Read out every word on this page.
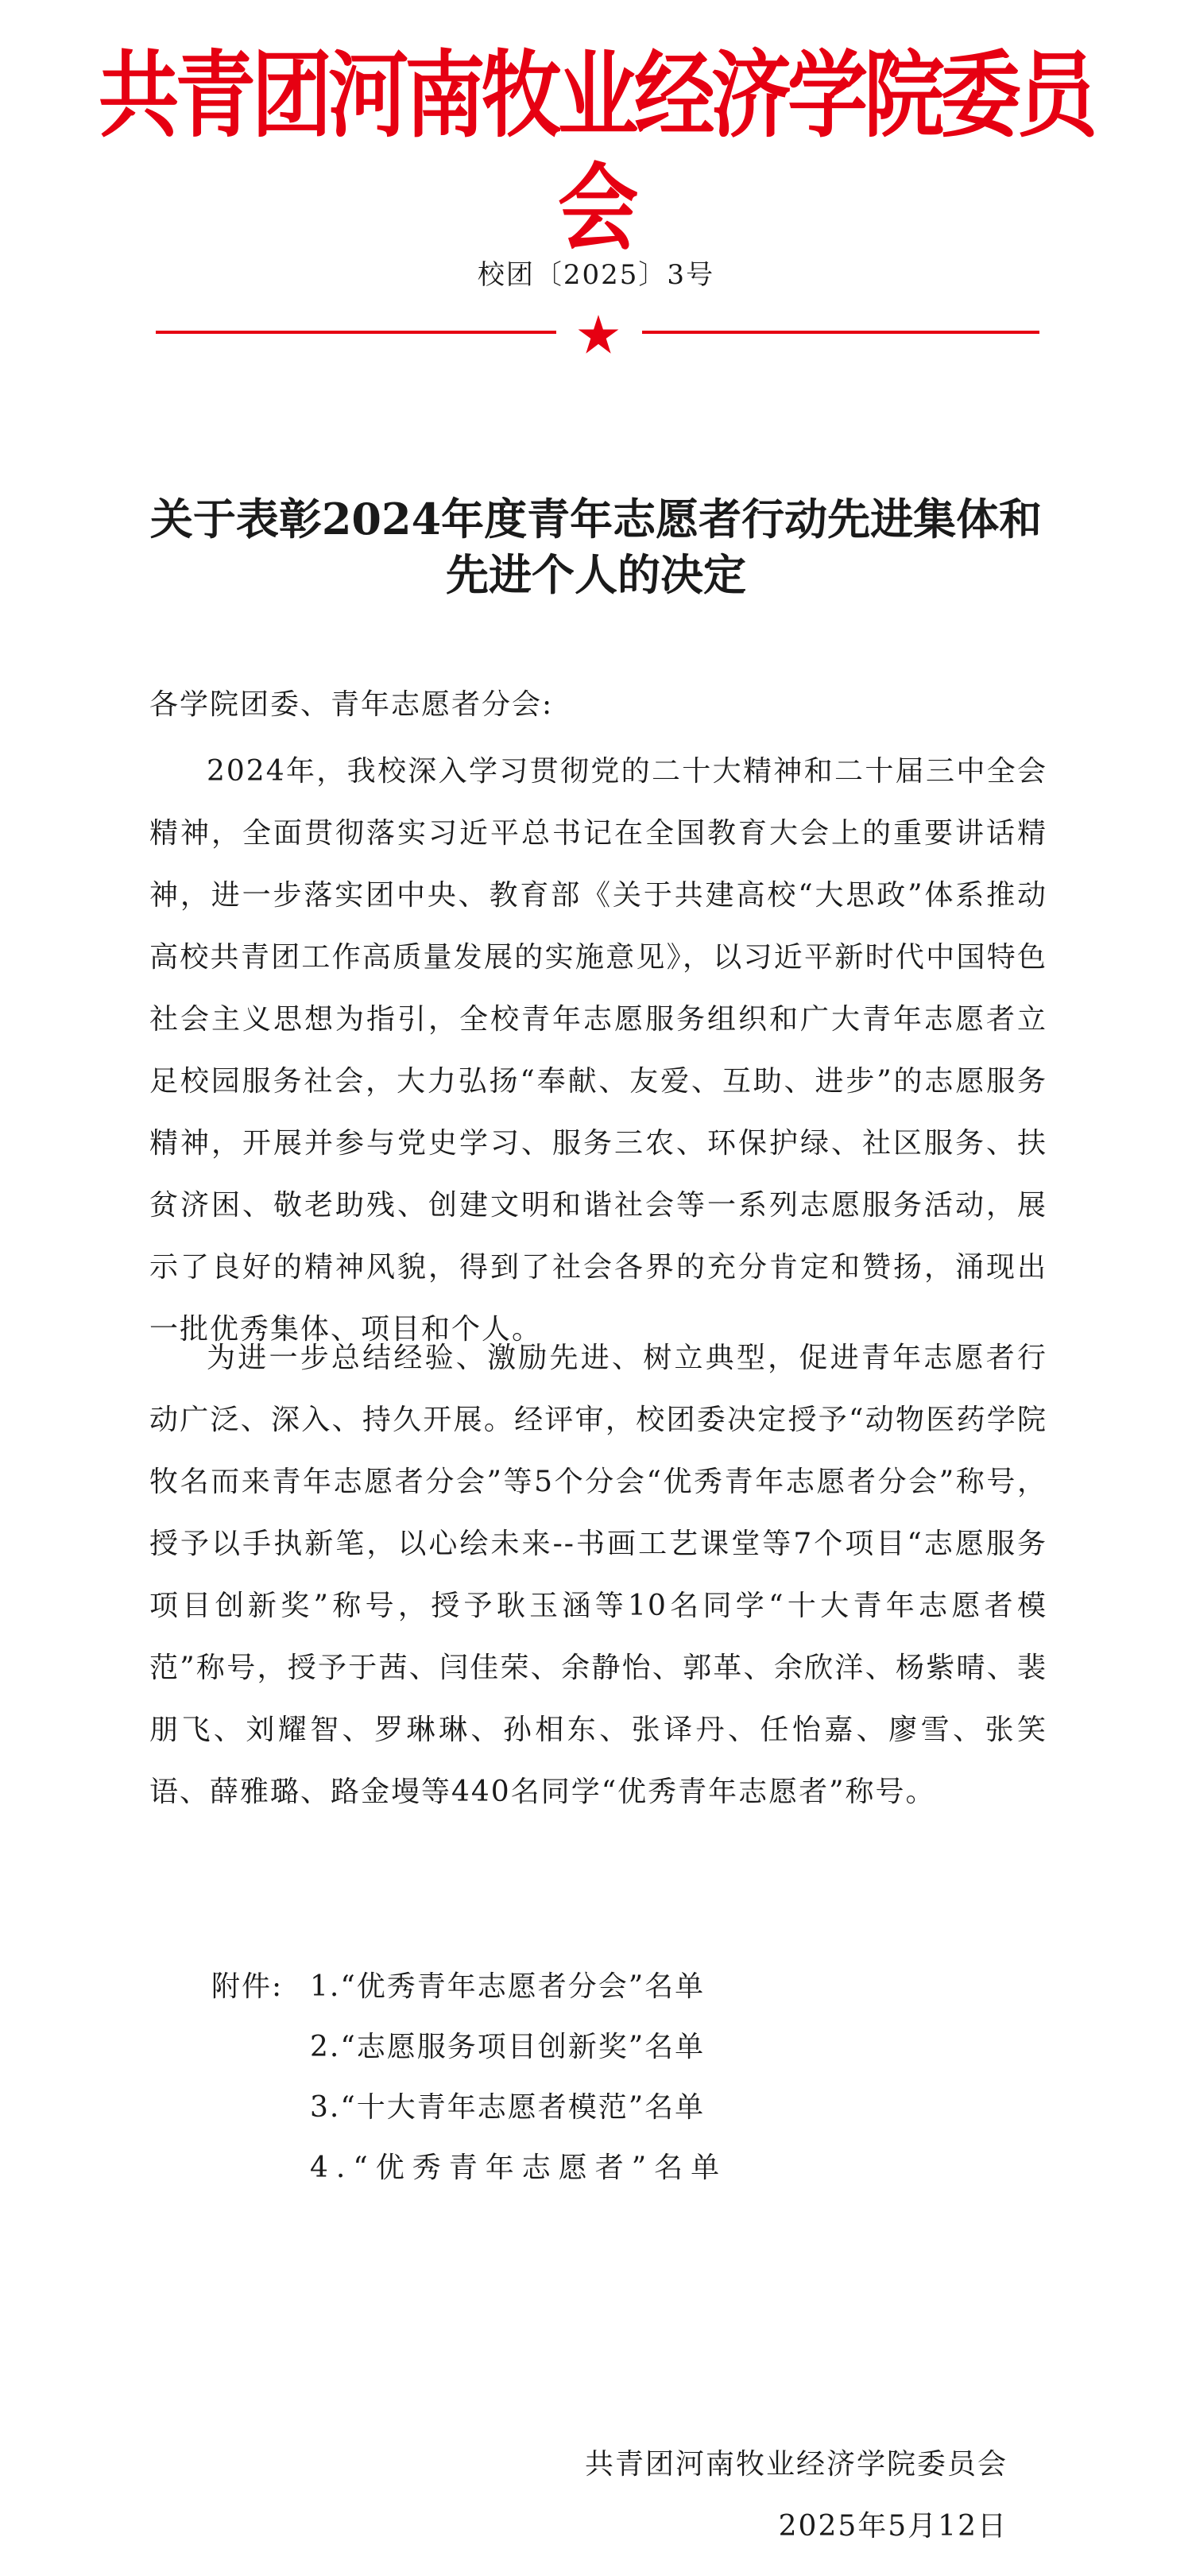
共青团河南牧业经济学院委员会
校团〔2025〕3号
关于表彰2024年度青年志愿者行动先进集体和
先进个人的决定
各学院团委、青年志愿者分会:

2024年，我校深入学习贯彻党的二十大精神和二十届三中全会精神，全面贯彻落实习近平总书记在全国教育大会上的重要讲话精神，进一步落实团中央、教育部《关于共建高校“大思政”体系推动高校共青团工作高质量发展的实施意见》，以习近平新时代中国特色社会主义思想为指引，全校青年志愿服务组织和广大青年志愿者立足校园服务社会，大力弘扬“奉献、友爱、互助、进步”的志愿服务精神，开展并参与党史学习、服务三农、环保护绿、社区服务、扶贫济困、敬老助残、创建文明和谐社会等一系列志愿服务活动，展示了良好的精神风貌，得到了社会各界的充分肯定和赞扬，涌现出一批优秀集体、项目和个人。

为进一步总结经验、激励先进、树立典型，促进青年志愿者行动广泛、深入、持久开展。经评审，校团委决定授予“动物医药学院牧名而来青年志愿者分会”等5个分会“优秀青年志愿者分会”称号，授予以手执新笔，以心绘未来--书画工艺课堂等7个项目“志愿服务项目创新奖”称号，授予耿玉涵等10名同学“十大青年志愿者模范”称号，授予于茜、闫佳荣、余静怡、郭革、余欣洋、杨紫晴、裴朋飞、刘耀智、罗琳琳、孙相东、张译丹、任怡嘉、廖雪、张笑语、薛雅璐、路金墁等440名同学“优秀青年志愿者”称号。

附件: 1.“优秀青年志愿者分会”名单
2.“志愿服务项目创新奖”名单
3.“十大青年志愿者模范”名单
4.“优秀青年志愿者”名单
共青团河南牧业经济学院委员会
2025年5月12日
